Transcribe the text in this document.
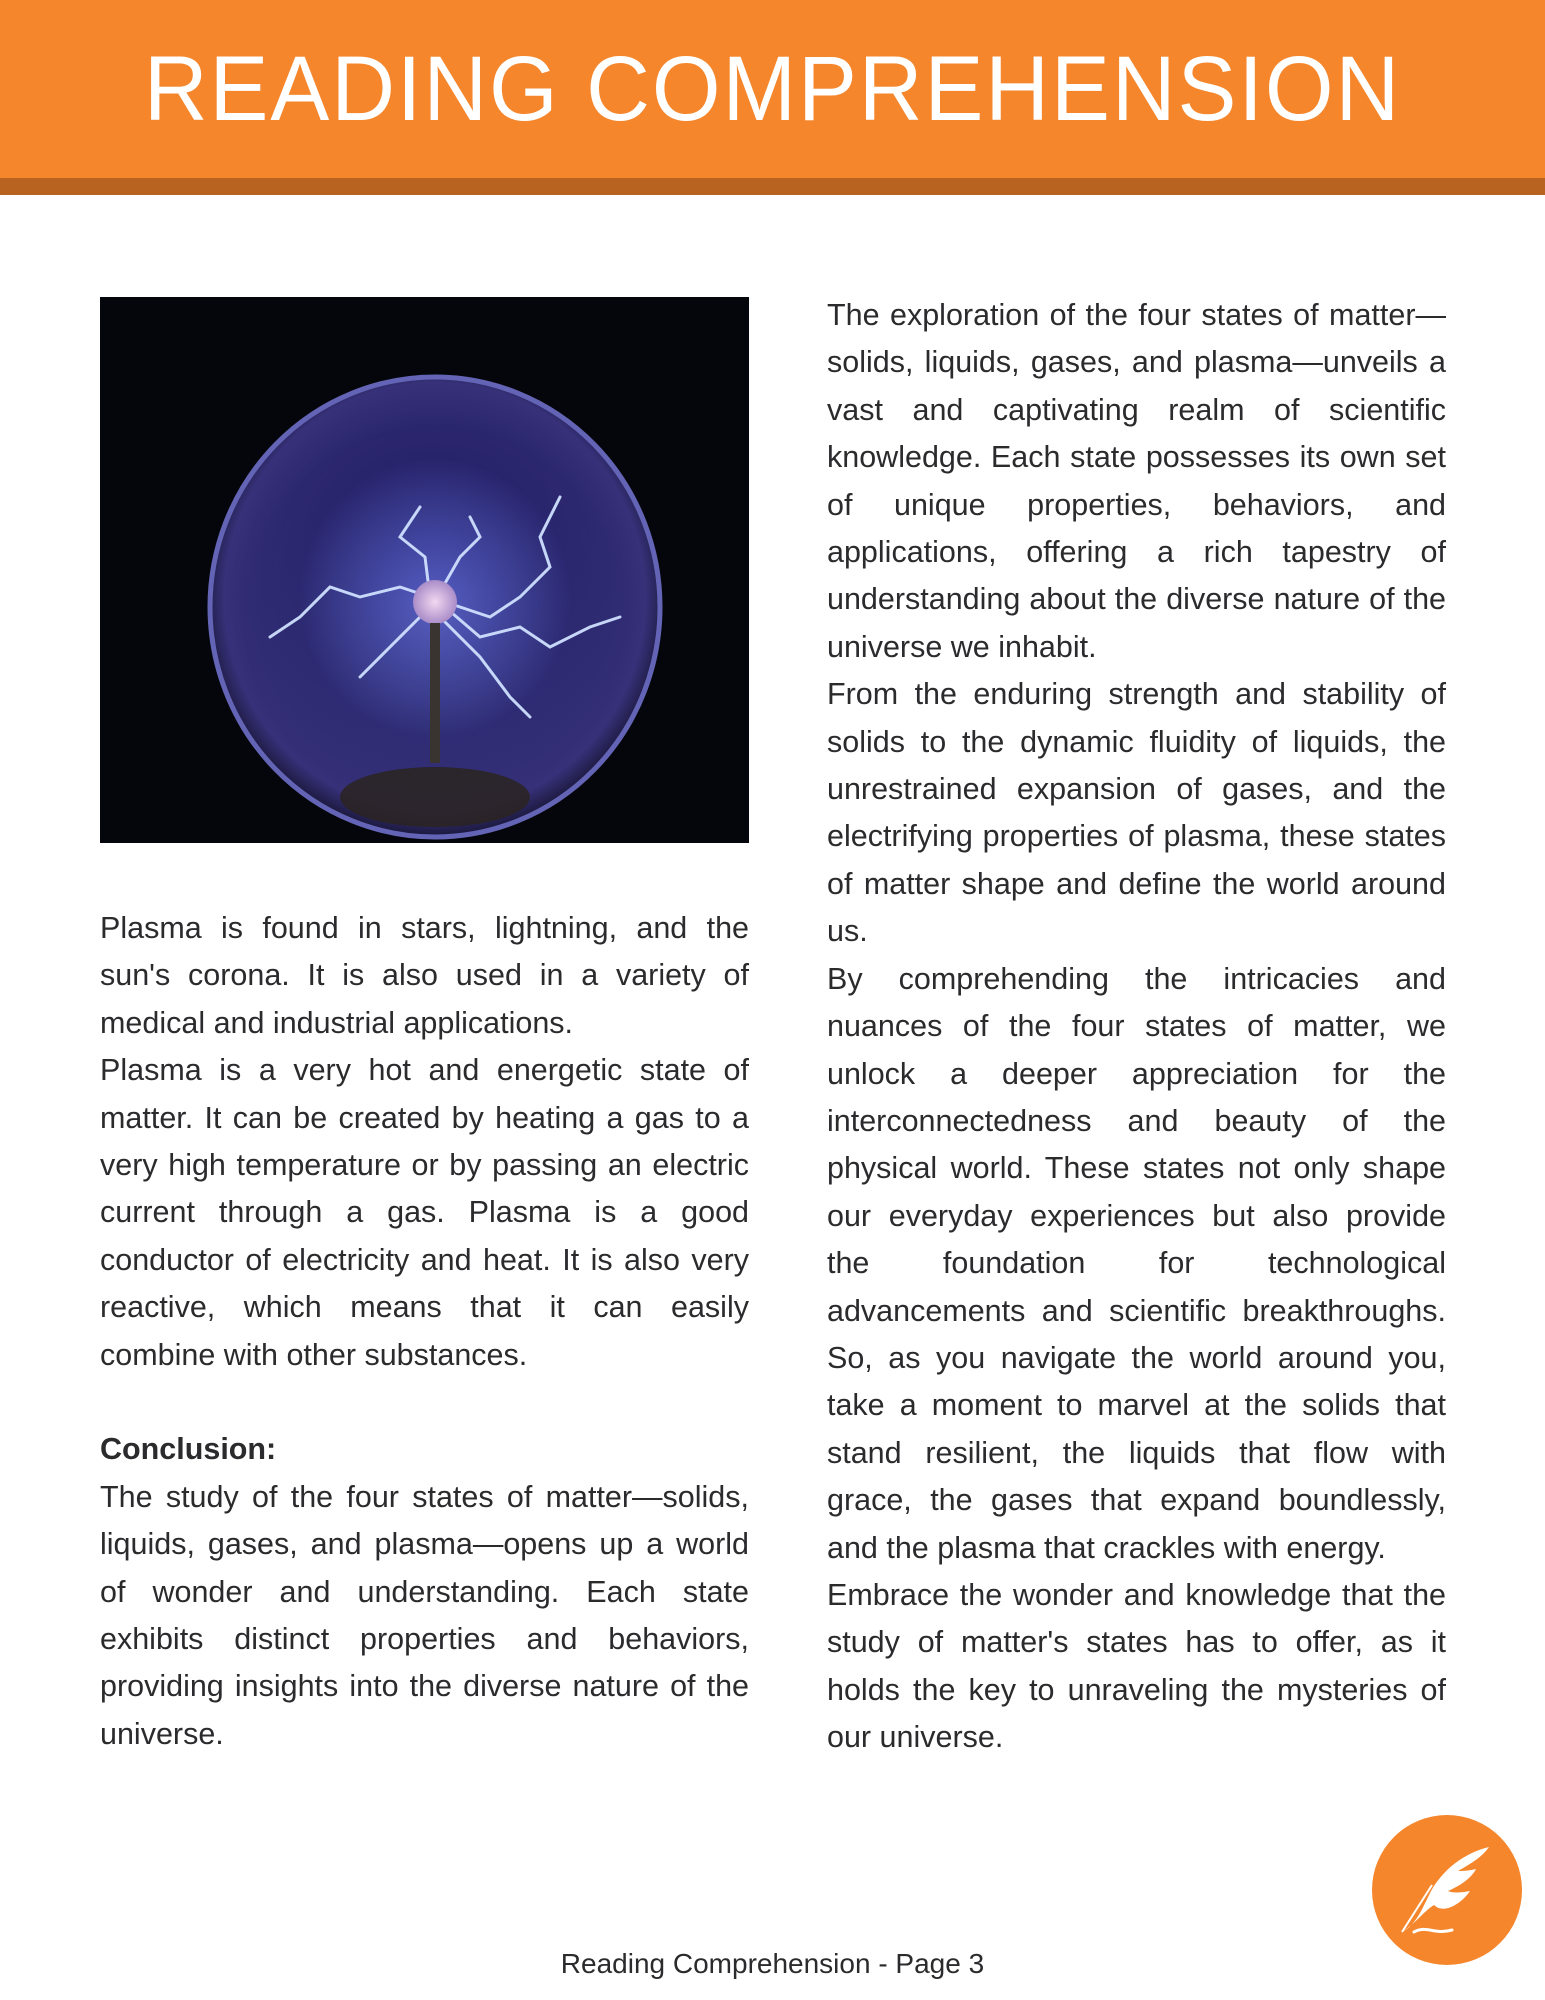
READING COMPREHENSION

Plasma is found in stars, lightning, and the sun's corona. It is also used in a variety of medical and industrial applications.

Plasma is a very hot and energetic state of matter. It can be created by heating a gas to a very high temperature or by passing an electric current through a gas. Plasma is a good conductor of electricity and heat. It is also very reactive, which means that it can easily combine with other substances.

Conclusion:

The study of the four states of matter—solids, liquids, gases, and plasma—opens up a world of wonder and understanding. Each state exhibits distinct properties and behaviors, providing insights into the diverse nature of the universe.

The exploration of the four states of matter—solids, liquids, gases, and plasma—unveils a vast and captivating realm of scientific knowledge. Each state possesses its own set of unique properties, behaviors, and applications, offering a rich tapestry of understanding about the diverse nature of the universe we inhabit.

From the enduring strength and stability of solids to the dynamic fluidity of liquids, the unrestrained expansion of gases, and the electrifying properties of plasma, these states of matter shape and define the world around us.

By comprehending the intricacies and nuances of the four states of matter, we unlock a deeper appreciation for the interconnectedness and beauty of the physical world. These states not only shape our everyday experiences but also provide the foundation for technological advancements and scientific breakthroughs. So, as you navigate the world around you, take a moment to marvel at the solids that stand resilient, the liquids that flow with grace, the gases that expand boundlessly, and the plasma that crackles with energy.

Embrace the wonder and knowledge that the study of matter's states has to offer, as it holds the key to unraveling the mysteries of our universe.

Reading Comprehension - Page 3
